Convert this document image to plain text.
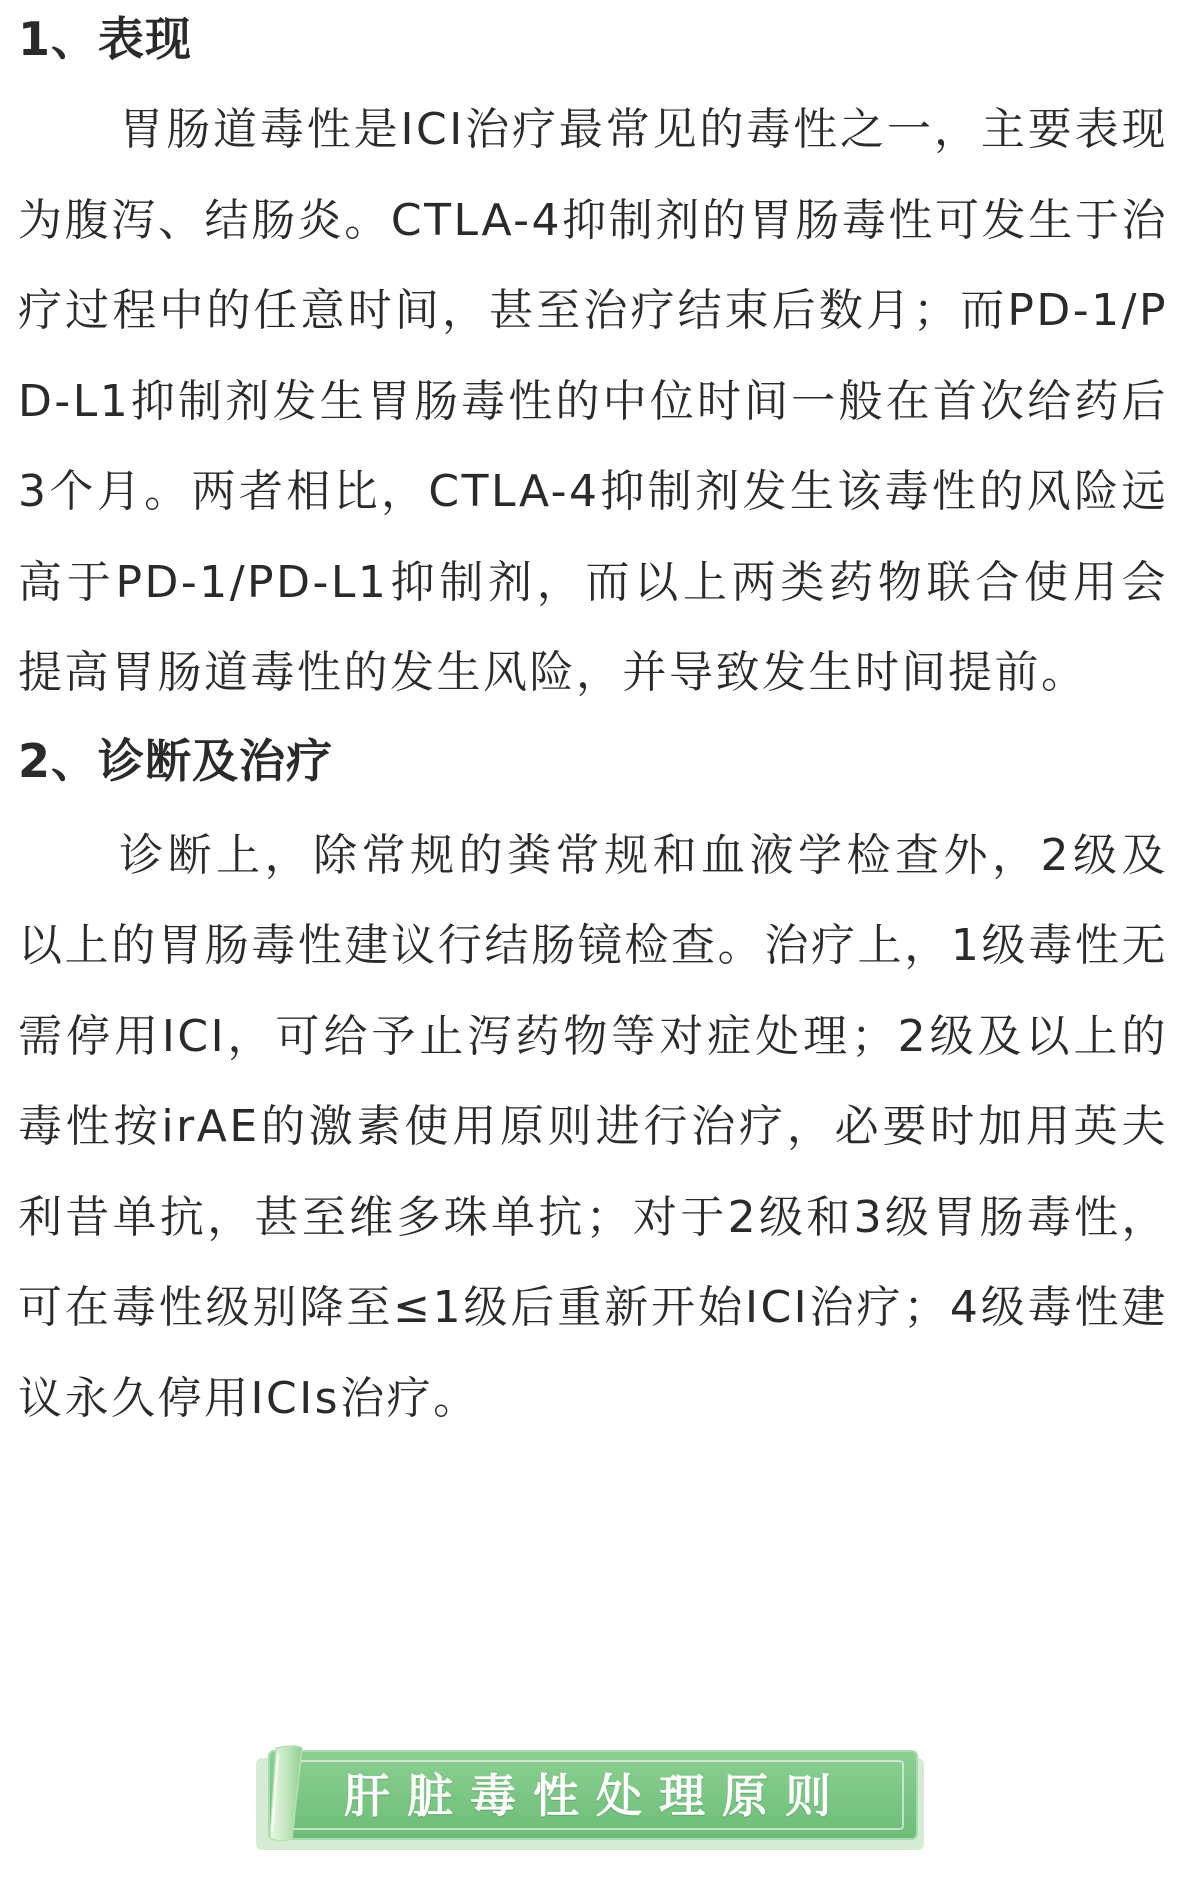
1、表现

胃肠道毒性是ICI治疗最常见的毒性之一，主要表现为腹泻、结肠炎。CTLA-4抑制剂的胃肠毒性可发生于治疗过程中的任意时间，甚至治疗结束后数月；而PD-1/PD-L1抑制剂发生胃肠毒性的中位时间一般在首次给药后3个月。两者相比，CTLA-4抑制剂发生该毒性的风险远高于PD-1/PD-L1抑制剂，而以上两类药物联合使用会提高胃肠道毒性的发生风险，并导致发生时间提前。

2、诊断及治疗

诊断上，除常规的粪常规和血液学检查外，2级及以上的胃肠毒性建议行结肠镜检查。治疗上，1级毒性无需停用ICI，可给予止泻药物等对症处理；2级及以上的毒性按irAE的激素使用原则进行治疗，必要时加用英夫利昔单抗，甚至维多珠单抗；对于2级和3级胃肠毒性，可在毒性级别降至≤1级后重新开始ICI治疗；4级毒性建议永久停用ICIs治疗。

肝脏毒性处理原则
